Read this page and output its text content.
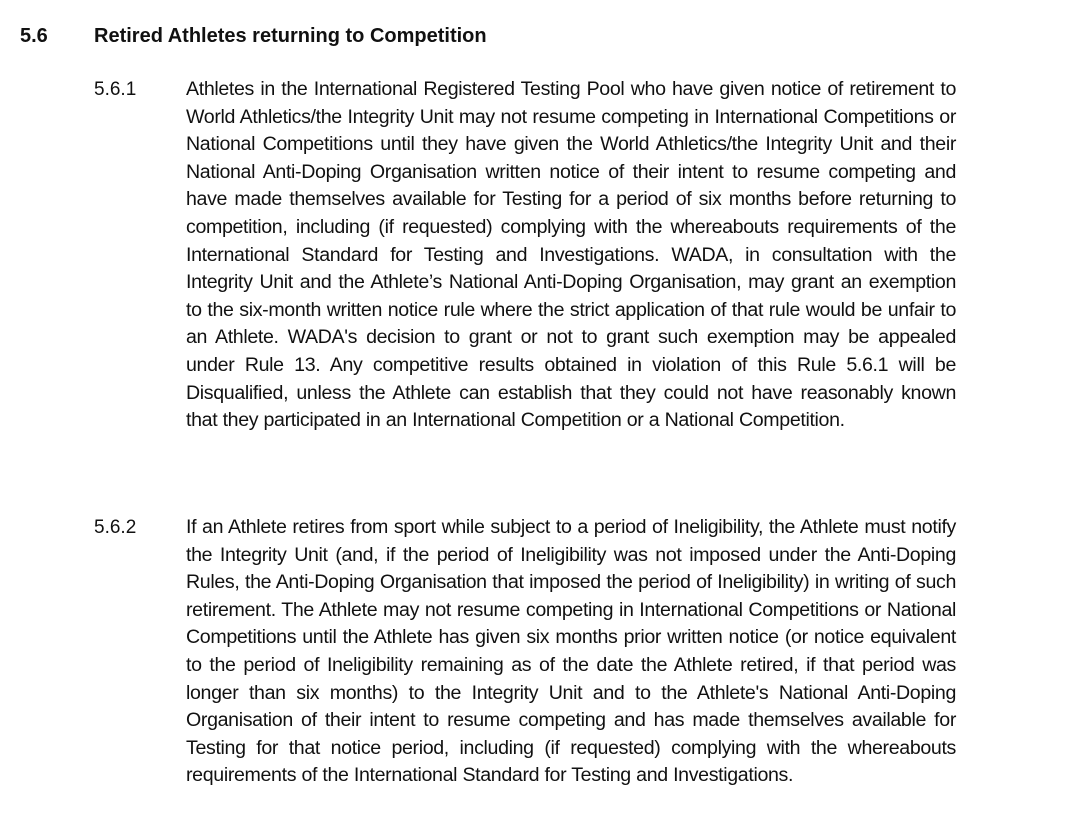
5.6 Retired Athletes returning to Competition
5.6.1	Athletes in the International Registered Testing Pool who have given notice of retirement to World Athletics/the Integrity Unit may not resume competing in International Competitions or National Competitions until they have given the World Athletics/the Integrity Unit and their National Anti-Doping Organisation written notice of their intent to resume competing and have made themselves available for Testing for a period of six months before returning to competition, including (if requested) complying with the whereabouts requirements of the International Standard for Testing and Investigations. WADA, in consultation with the Integrity Unit and the Athlete’s National Anti-Doping Organisation, may grant an exemption to the six-month written notice rule where the strict application of that rule would be unfair to an Athlete. WADA's decision to grant or not to grant such exemption may be appealed under Rule 13. Any competitive results obtained in violation of this Rule 5.6.1 will be Disqualified, unless the Athlete can establish that they could not have reasonably known that they participated in an International Competition or a National Competition.

5.6.2	If an Athlete retires from sport while subject to a period of Ineligibility, the Athlete must notify the Integrity Unit (and, if the period of Ineligibility was not imposed under the Anti-Doping Rules, the Anti-Doping Organisation that imposed the period of Ineligibility) in writing of such retirement. The Athlete may not resume competing in International Competitions or National Competitions until the Athlete has given six months prior written notice (or notice equivalent to the period of Ineligibility remaining as of the date the Athlete retired, if that period was longer than six months) to the Integrity Unit and to the Athlete's National Anti-Doping Organisation of their intent to resume competing and has made themselves available for Testing for that notice period, including (if requested) complying with the whereabouts requirements of the International Standard for Testing and Investigations.
